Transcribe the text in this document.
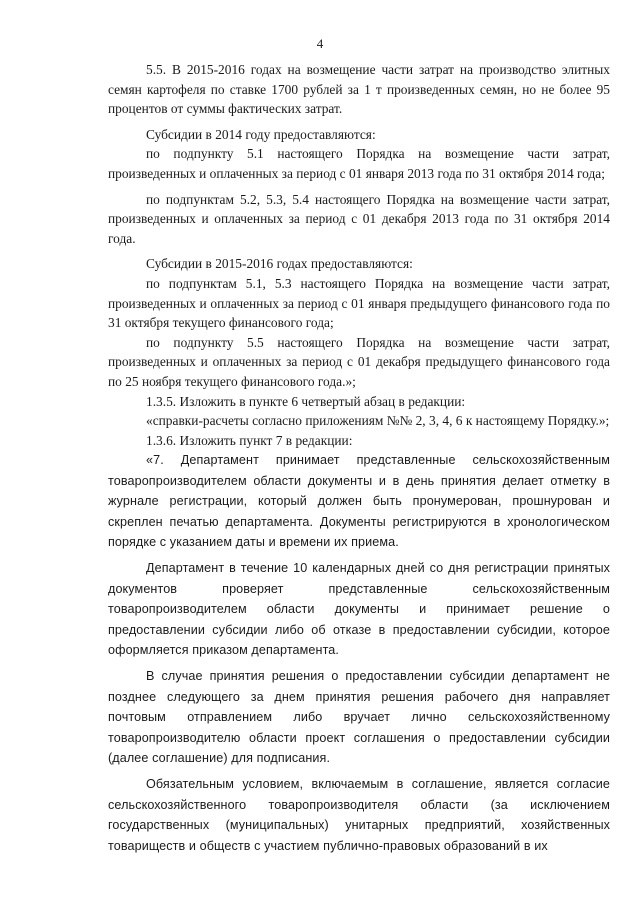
4

5.5. В 2015-2016 годах на возмещение части затрат на производство элитных семян картофеля по ставке 1700 рублей за 1 т произведенных семян, но не более 95 процентов от суммы фактических затрат.

Субсидии в 2014 году предоставляются:

по подпункту 5.1 настоящего Порядка на возмещение части затрат, произведенных и оплаченных за период с 01 января 2013 года по 31 октября 2014 года;

по подпунктам 5.2, 5.3, 5.4 настоящего Порядка на возмещение части затрат, произведенных и оплаченных за период с 01 декабря 2013 года по 31 октября 2014 года.

Субсидии в 2015-2016 годах предоставляются:

по подпунктам 5.1, 5.3 настоящего Порядка на возмещение части затрат, произведенных и оплаченных за период с 01 января предыдущего финансового года по 31 октября текущего финансового года;

по подпункту 5.5 настоящего Порядка на возмещение части затрат, произведенных и оплаченных за период с 01 декабря предыдущего финансового года по 25 ноября текущего финансового года.»;

1.3.5. Изложить в пункте 6 четвертый абзац в редакции:

«справки-расчеты согласно приложениям №№ 2, 3, 4, 6 к настоящему Порядку.»;

1.3.6. Изложить пункт 7 в редакции:

«7. Департамент принимает представленные сельскохозяйственным товаропроизводителем области документы и в день принятия делает отметку в журнале регистрации, который должен быть пронумерован, прошнурован и скреплен печатью департамента. Документы регистрируются в хронологическом порядке с указанием даты и времени их приема.

Департамент в течение 10 календарных дней со дня регистрации принятых документов проверяет представленные сельскохозяйственным товаропроизводителем области документы и принимает решение о предоставлении субсидии либо об отказе в предоставлении субсидии, которое оформляется приказом департамента.

В случае принятия решения о предоставлении субсидии департамент не позднее следующего за днем принятия решения рабочего дня направляет почтовым отправлением либо вручает лично сельскохозяйственному товаропроизводителю области проект соглашения о предоставлении субсидии (далее соглашение) для подписания.

Обязательным условием, включаемым в соглашение, является согласие сельскохозяйственного товаропроизводителя области (за исключением государственных (муниципальных) унитарных предприятий, хозяйственных товариществ и обществ с участием публично-правовых образований в их
